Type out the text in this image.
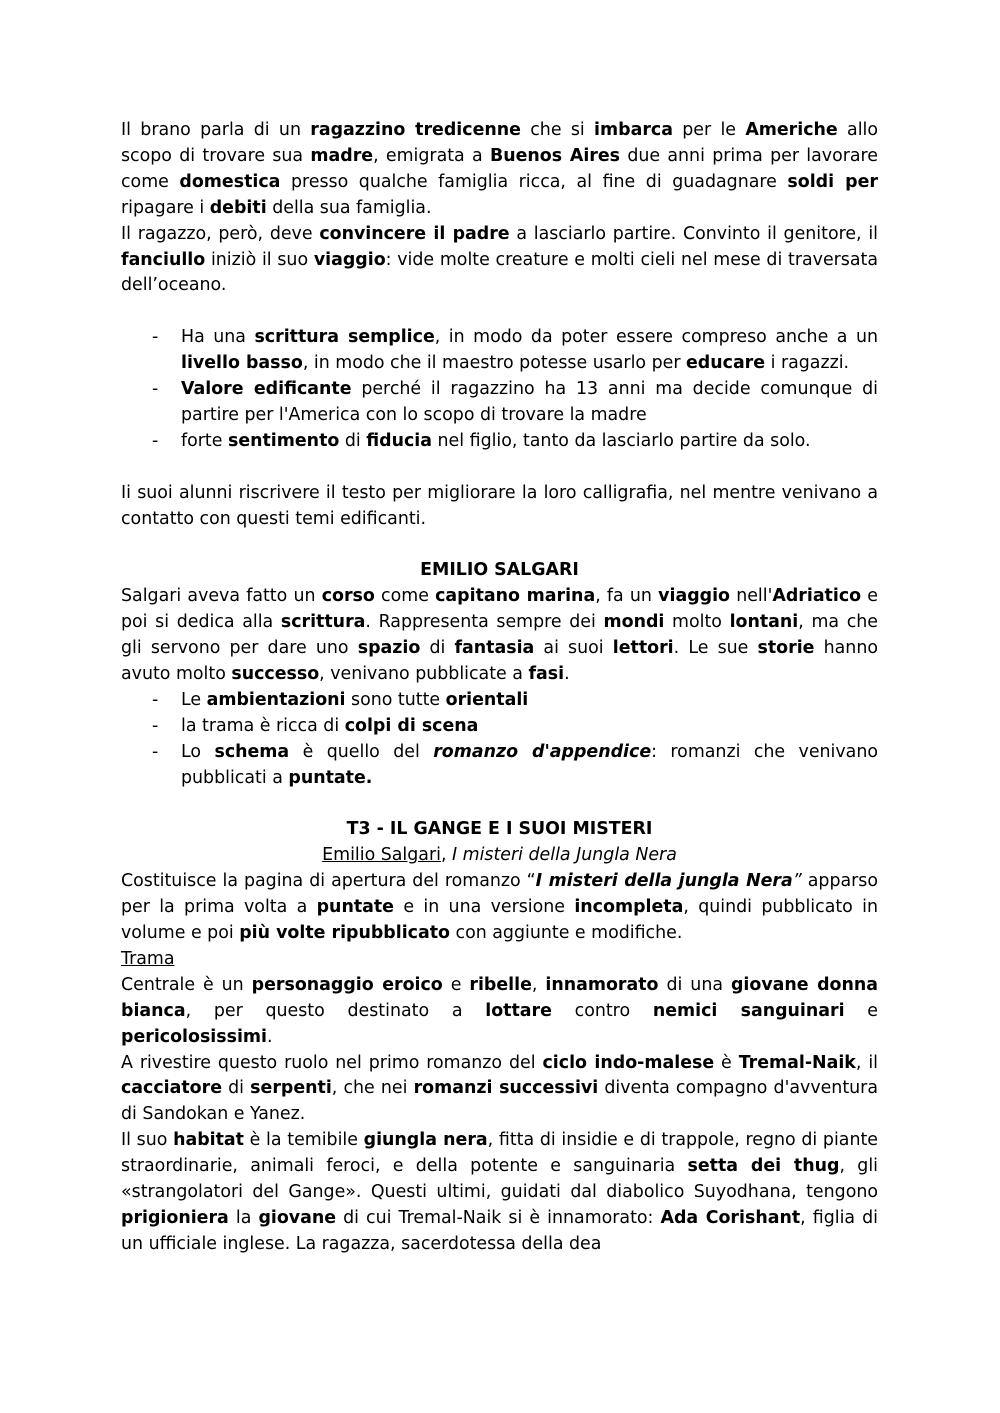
Il brano parla di un ragazzino tredicenne che si imbarca per le Americhe allo scopo di trovare sua madre, emigrata a Buenos Aires due anni prima per lavorare come domestica presso qualche famiglia ricca, al fine di guadagnare soldi per ripagare i debiti della sua famiglia.

Il ragazzo, però, deve convincere il padre a lasciarlo partire. Convinto il genitore, il fanciullo iniziò il suo viaggio: vide molte creature e molti cieli nel mese di traversata dell’oceano.

- Ha una scrittura semplice, in modo da poter essere compreso anche a un livello basso, in modo che il maestro potesse usarlo per educare i ragazzi.
- Valore edificante perché il ragazzino ha 13 anni ma decide comunque di partire per l'America con lo scopo di trovare la madre
- forte sentimento di fiducia nel figlio, tanto da lasciarlo partire da solo.

Ii suoi alunni riscrivere il testo per migliorare la loro calligrafia, nel mentre venivano a contatto con questi temi edificanti.

EMILIO SALGARI

Salgari aveva fatto un corso come capitano marina, fa un viaggio nell'Adriatico e poi si dedica alla scrittura. Rappresenta sempre dei mondi molto lontani, ma che gli servono per dare uno spazio di fantasia ai suoi lettori. Le sue storie hanno avuto molto successo, venivano pubblicate a fasi.

- Le ambientazioni sono tutte orientali
- la trama è ricca di colpi di scena
- Lo schema è quello del romanzo d'appendice: romanzi che venivano pubblicati a puntate.

T3 - IL GANGE E I SUOI MISTERI

Emilio Salgari, I misteri della Jungla Nera

Costituisce la pagina di apertura del romanzo “I misteri della jungla Nera” apparso per la prima volta a puntate e in una versione incompleta, quindi pubblicato in volume e poi più volte ripubblicato con aggiunte e modifiche.

Trama

Centrale è un personaggio eroico e ribelle, innamorato di una giovane donna bianca, per questo destinato a lottare contro nemici sanguinari e pericolosissimi.

A rivestire questo ruolo nel primo romanzo del ciclo indo-malese è Tremal-Naik, il cacciatore di serpenti, che nei romanzi successivi diventa compagno d'avventura di Sandokan e Yanez.

Il suo habitat è la temibile giungla nera, fitta di insidie e di trappole, regno di piante straordinarie, animali feroci, e della potente e sanguinaria setta dei thug, gli «strangolatori del Gange». Questi ultimi, guidati dal diabolico Suyodhana, tengono prigioniera la giovane di cui Tremal-Naik si è innamorato: Ada Corishant, figlia di un ufficiale inglese. La ragazza, sacerdotessa della dea
